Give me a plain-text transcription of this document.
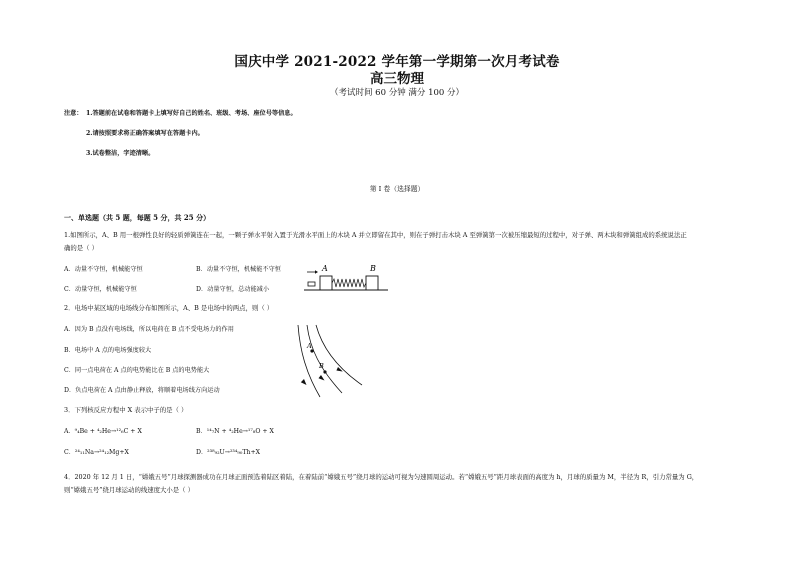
国庆中学 2021-2022 学年第一学期第一次月考试卷
高三物理
（考试时间 60 分钟 满分 100 分）
注意： 1.答题前在试卷和答题卡上填写好自己的姓名、班级、考场、座位号等信息。
2.请按照要求将正确答案填写在答题卡内。
3.试卷整洁，字迹清晰。
第 I 卷（选择题）
一、单选题（共 5 题，每题 5 分，共 25 分）
1.如图所示，A、B 用一根弹性良好的轻质弹簧连在一起，一颗子弹水平射入置于光滑水平面上的木块 A 并立即留在其中，则在子弹打击木块 A 至弹簧第一次被压缩最短的过程中，对子弹、两木块和弹簧组成的系统说法正
确的是（ ）
A．动量不守恒，机械能守恒	B．动量不守恒，机械能不守恒
C．动量守恒，机械能守恒	D．动量守恒，总动能减小
A	B
2．电场中某区域的电场线分布如图所示，A、B 是电场中的两点，则（ ）
A．因为 B 点没有电场线，所以电荷在 B 点不受电场力的作用
B．电场中 A 点的电场强度较大
C．同一点电荷在 A 点的电势能比在 B 点的电势能大
D．负点电荷在 A 点由静止释放，将顺着电场线方向运动
A
B
3．下列核反应方程中 X 表示中子的是（ ）
A．⁹₄Be + ⁴₂He→¹²₆C + X	B．¹⁴₇N + ⁴₂He→¹⁷₈O + X
C．²⁴₁₁Na→²⁴₁₂Mg+X	D．²³⁸₉₂U→²³⁴₉₀Th+X
4．2020 年 12 月 1 日，“嫦娥五号”月球探测器成功在月球正面预选着陆区着陆，在着陆前“嫦娥五号”绕月球的运动可视为匀速圆周运动。若“嫦娥五号”距月球表面的高度为 h，月球的质量为 M，半径为 R，引力常量为 G，
则“嫦娥五号”绕月球运动的线速度大小是（ ）
